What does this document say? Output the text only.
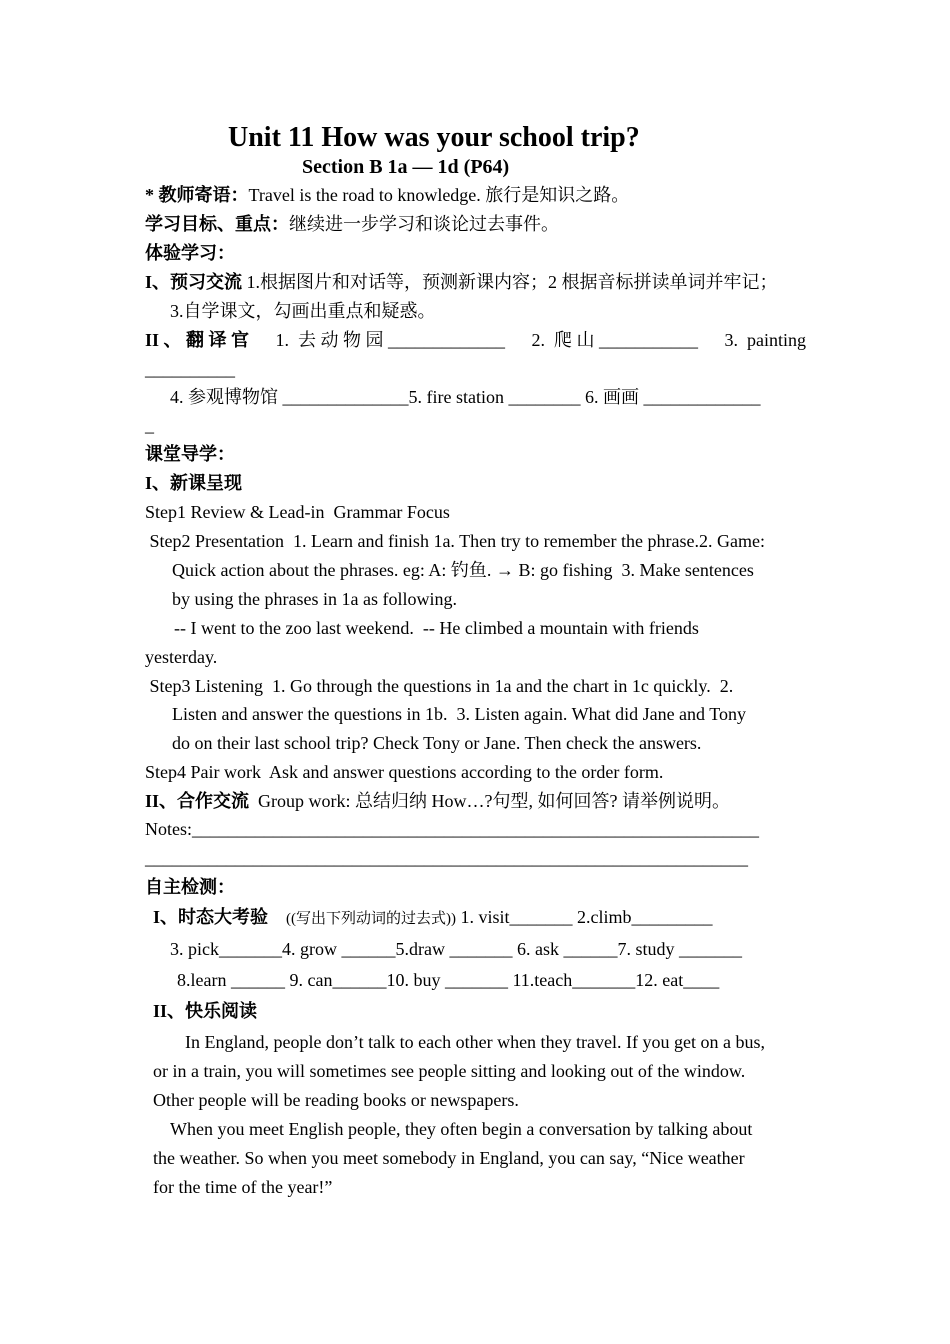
Unit 11 How was your school trip?
Section B 1a — 1d (P64)
* 教师寄语：Travel is the road to knowledge. 旅行是知识之路。
学习目标、重点：继续进一步学习和谈论过去事件。
体验学习：
I、预习交流 1.根据图片和对话等，预测新课内容；2 根据音标拼读单词并牢记；
3.自学课文，勾画出重点和疑惑。
II 、 翻 译 官 1.  去 动 物 园 _____________ 2.  爬 山 ___________ 3.  painting
__________
4. 参观博物馆 ______________5. fire station ________ 6. 画画 _____________
_
课堂导学：
I、新课呈现
Step1 Review & Lead-in  Grammar Focus
Step2 Presentation  1. Learn and finish 1a. Then try to remember the phrase.2. Game:
Quick action about the phrases. eg: A: 钓鱼. → B: go fishing  3. Make sentences
by using the phrases in 1a as following.
-- I went to the zoo last weekend.  -- He climbed a mountain with friends
yesterday.
Step3 Listening  1. Go through the questions in 1a and the chart in 1c quickly.  2.
Listen and answer the questions in 1b.  3. Listen again. What did Jane and Tony
do on their last school trip? Check Tony or Jane. Then check the answers.
Step4 Pair work  Ask and answer questions according to the order form.
II、合作交流  Group work: 总结归纳 How…?句型, 如何回答? 请举例说明。
Notes:_______________________________________________________________
___________________________________________________________________
自主检测：
I、时态大考验 ((写出下列动词的过去式)) 1. visit_______ 2.climb_________
3. pick_______4. grow ______5.draw _______ 6. ask ______7. study _______
8.learn ______ 9. can______10. buy _______ 11.teach_______12. eat____
II、快乐阅读
In England, people don’t talk to each other when they travel. If you get on a bus,
or in a train, you will sometimes see people sitting and looking out of the window.
Other people will be reading books or newspapers.
When you meet English people, they often begin a conversation by talking about
the weather. So when you meet somebody in England, you can say, “Nice weather
for the time of the year!”
